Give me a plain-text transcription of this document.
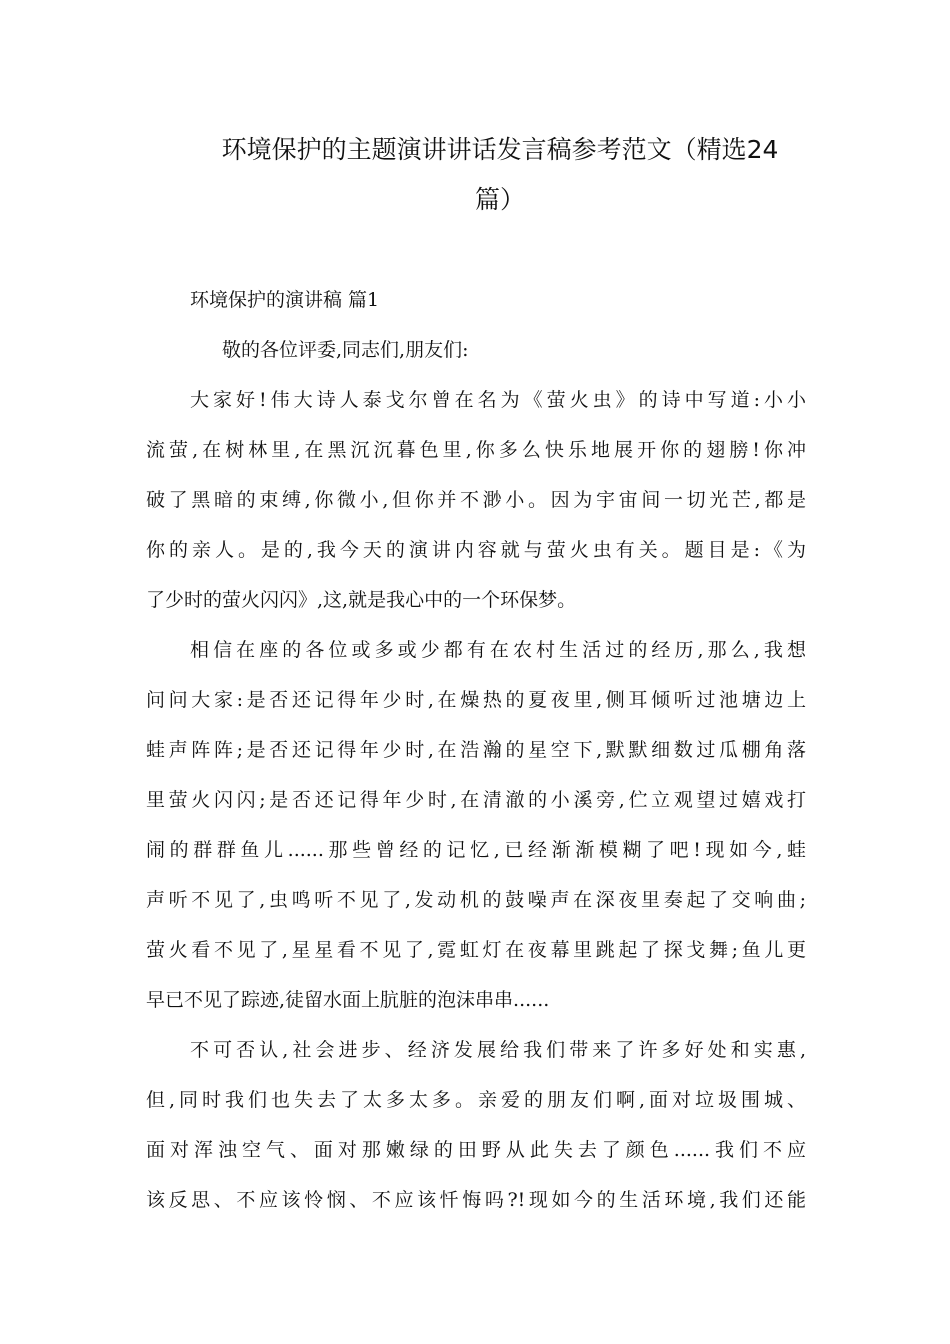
环境保护的主题演讲讲话发言稿参考范文（精选24
篇）
环境保护的演讲稿 篇1

敬的各位评委,同志们,朋友们:

大家好!伟大诗人泰戈尔曾在名为《萤火虫》的诗中写道:小小

流萤,在树林里,在黑沉沉暮色里,你多么快乐地展开你的翅膀!你冲

破了黑暗的束缚,你微小,但你并不渺小。因为宇宙间一切光芒,都是

你的亲人。是的,我今天的演讲内容就与萤火虫有关。题目是:《为

了少时的萤火闪闪》,这,就是我心中的一个环保梦。

相信在座的各位或多或少都有在农村生活过的经历,那么,我想

问问大家:是否还记得年少时,在燥热的夏夜里,侧耳倾听过池塘边上

蛙声阵阵;是否还记得年少时,在浩瀚的星空下,默默细数过瓜棚角落

里萤火闪闪;是否还记得年少时,在清澈的小溪旁,伫立观望过嬉戏打

闹的群群鱼儿......那些曾经的记忆,已经渐渐模糊了吧!现如今,蛙

声听不见了,虫鸣听不见了,发动机的鼓噪声在深夜里奏起了交响曲;

萤火看不见了,星星看不见了,霓虹灯在夜幕里跳起了探戈舞;鱼儿更

早已不见了踪迹,徒留水面上肮脏的泡沫串串......

不可否认,社会进步、经济发展给我们带来了许多好处和实惠,

但,同时我们也失去了太多太多。亲爱的朋友们啊,面对垃圾围城、

面对浑浊空气、面对那嫩绿的田野从此失去了颜色......我们不应

该反思、不应该怜悯、不应该忏悔吗?!现如今的生活环境,我们还能
